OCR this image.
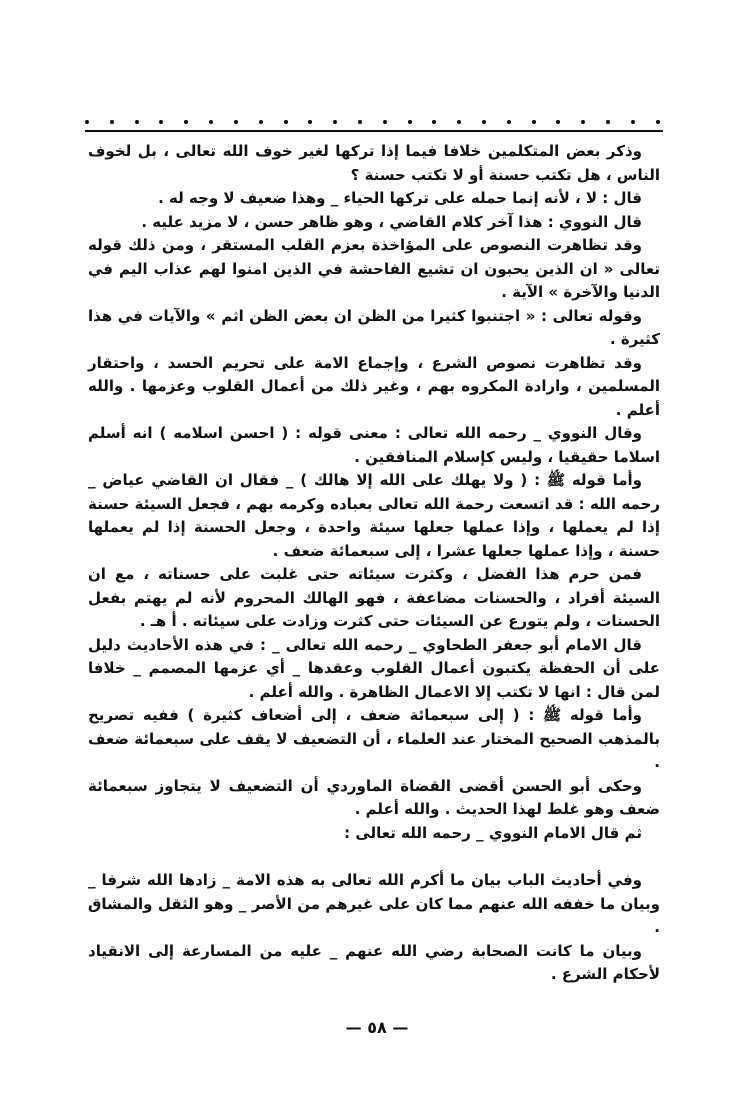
وذكر بعض المتكلمين خلافا فيما إذا تركها لغير خوف الله تعالى ، بل لخوف الناس ، هل تكتب حسنة أو لا تكتب حسنة ؟

قال : لا ، لأنه إنما حمله على تركها الحياء _ وهذا ضعيف لا وجه له .

قال النووي : هذا آخر كلام القاضي ، وهو ظاهر حسن ، لا مزيد عليه .

وقد تظاهرت النصوص على المؤاخذة بعزم القلب المستقر ، ومن ذلك قوله تعالى « ان الذين يحبون ان تشيع الفاحشة في الذين امنوا لهم عذاب اليم في الدنيا والآخرة » الآية .

وقوله تعالى : « اجتنبوا كثيرا من الظن ان بعض الظن اثم » والآيات في هذا كثيرة .

وقد تظاهرت نصوص الشرع ، وإجماع الامة على تحريم الحسد ، واحتقار المسلمين ، وارادة المكروه بهم ، وغير ذلك من أعمال القلوب وعزمها . والله أعلم .

وقال النووي _ رحمه الله تعالى : معنى قوله : ( احسن اسلامه ) انه أسلم اسلاما حقيقيا ، وليس كإسلام المنافقين .

وأما قوله ﷺ : ( ولا يهلك على الله إلا هالك ) _ فقال ان القاضي عياض _ رحمه الله : قد اتسعت رحمة الله تعالى بعباده وكرمه بهم ، فجعل السيئة حسنة إذا لم يعملها ، وإذا عملها جعلها سيئة واحدة ، وجعل الحسنة إذا لم يعملها حسنة ، وإذا عملها جعلها عشرا ، إلى سبعمائة ضعف .

فمن حرم هذا الفضل ، وكثرت سيئاته حتى غلبت على حسناته ، مع ان السيئة أفراد ، والحسنات مضاعفة ، فهو الهالك المحروم لأنه لم يهتم بفعل الحسنات ، ولم يتورع عن السيئات حتى كثرت وزادت على سيئاته . أ هـ .

قال الامام أبو جعفر الطحاوي _ رحمه الله تعالى _ : في هذه الأحاديث دليل على أن الحفظة يكتبون أعمال القلوب وعقدها _ أي عزمها المصمم _ خلافا لمن قال : انها لا تكتب إلا الاعمال الظاهرة . والله أعلم .

وأما قوله ﷺ : ( إلى سبعمائة ضعف ، إلى أضعاف كثيرة ) ففيه تصريح بالمذهب الصحيح المختار عند العلماء ، أن التضعيف لا يقف على سبعمائة ضعف .

وحكى أبو الحسن أقضى القضاة الماوردي أن التضعيف لا يتجاوز سبعمائة ضعف وهو غلط لهذا الحديث . والله أعلم .

ثم قال الامام النووي _ رحمه الله تعالى :

وفي أحاديث الباب بيان ما أكرم الله تعالى به هذه الامة _ زادها الله شرفا _ وبيان ما خففه الله عنهم مما كان على غيرهم من الأصر _ وهو الثقل والمشاق .

وبيان ما كانت الصحابة رضي الله عنهم _ عليه من المسارعة إلى الانقياد لأحكام الشرع .

— ٥٨ —
